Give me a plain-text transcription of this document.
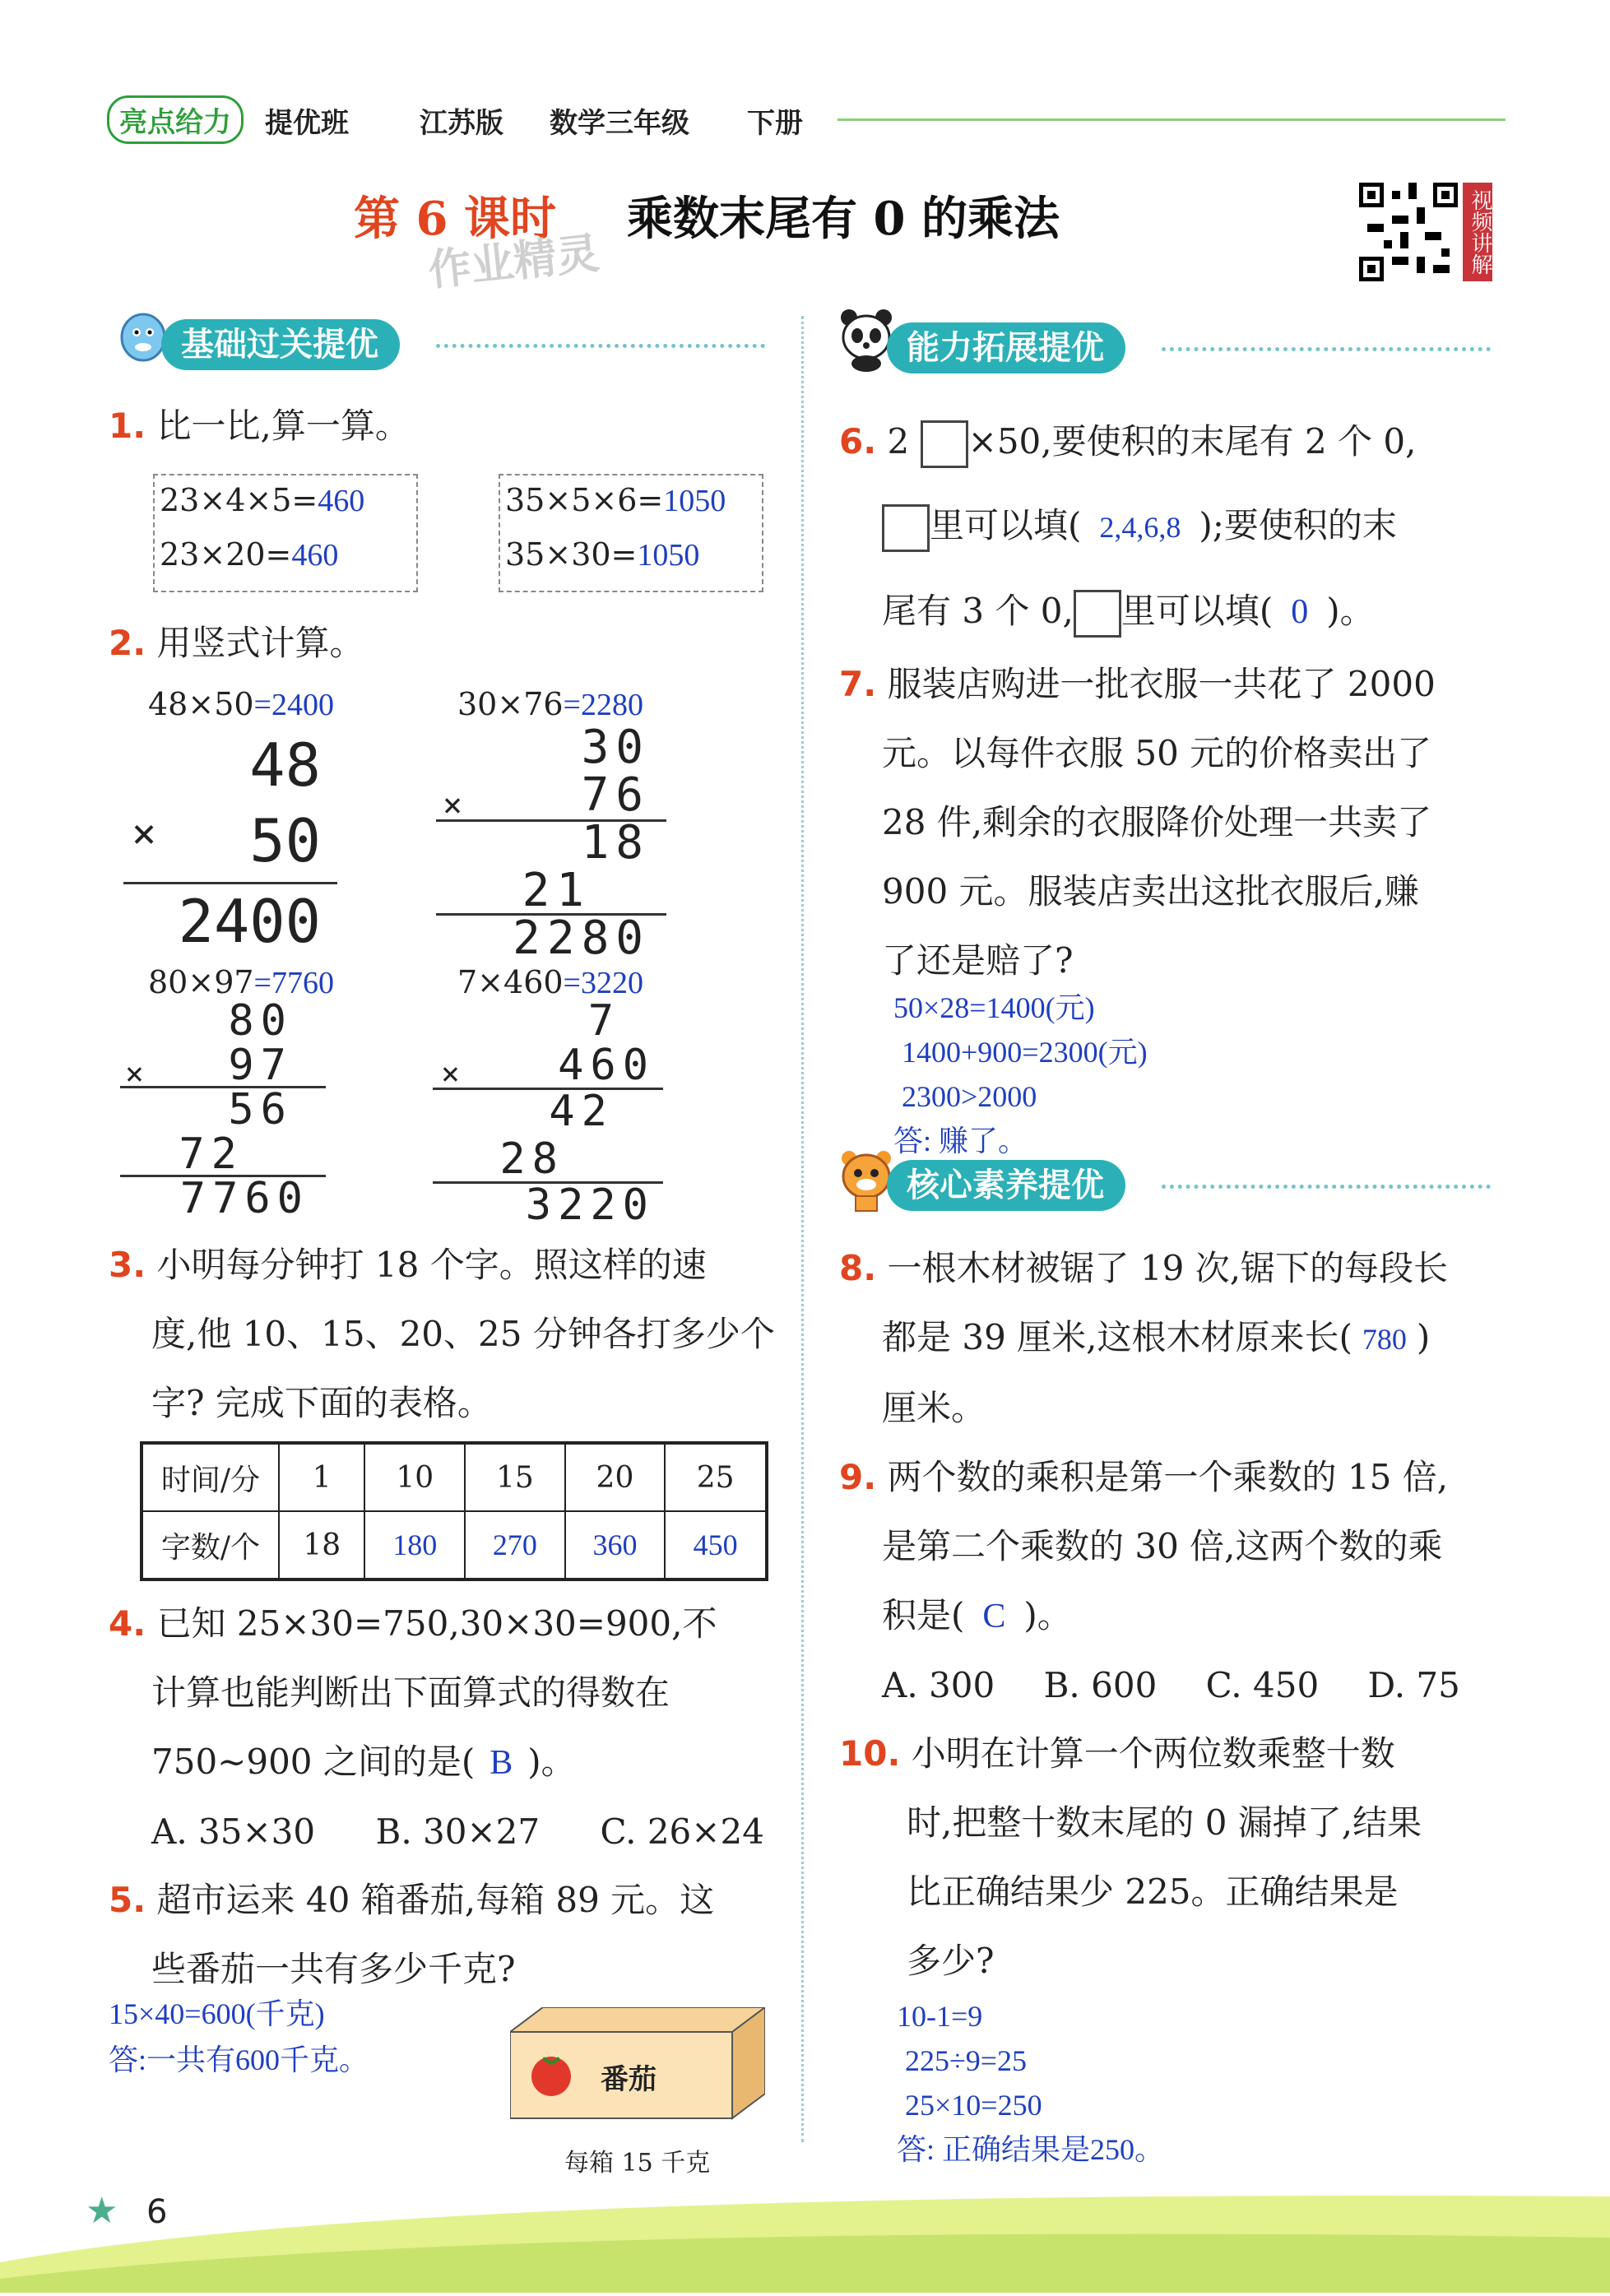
亮点给力	提优班	江苏版 数学三年级 下册
第 6 课时 乘数末尾有 0 的乘法
作业精灵	视频讲解
基础过关提优
1. 比一比,算一算。
23×4×5=460
23×20=460
35×5×6=1050
35×30=1050
2. 用竖式计算。
48×50=2400
48
× 50
2400
30×76=2280
30
×	76
18
21
2280
80×97=7760
80
× 97
56
72
7760
7×460=3220
7
× 460
42
28
3220
3. 小明每分钟打 18 个字。照这样的速
度,他 10、15、20、25 分钟各打多少个
字? 完成下面的表格。
时间/分	1	10	15	20	25
字数/个	18	180	270	360	450
4. 已知 25×30=750,30×30=900,不
计算也能判断出下面算式的得数在
750~900 之间的是( B )。
A. 35×30 B. 30×27 C. 26×24
5. 超市运来 40 箱番茄,每箱 89 元。这
些番茄一共有多少千克?
15×40=600(千克)
答:一共有600千克。
番茄
每箱 15 千克
★ 6
能力拓展提优
6. 2 ×50,要使积的末尾有 2 个 0,
里可以填( 2,4,6,8 );要使积的末
尾有 3 个 0, 里可以填( 0 )。
7. 服装店购进一批衣服一共花了 2000
元。以每件衣服 50 元的价格卖出了
28 件,剩余的衣服降价处理一共卖了
900 元。服装店卖出这批衣服后,赚
了还是赔了?
50×28=1400(元)
1400+900=2300(元)
2300>2000
答: 赚了。
核心素养提优
8. 一根木材被锯了 19 次,锯下的每段长
都是 39 厘米,这根木材原来长( 780 )
厘米。
9. 两个数的乘积是第一个乘数的 15 倍,
是第二个乘数的 30 倍,这两个数的乘
积是( C )。
A. 300 B. 600 C. 450 D. 75
10. 小明在计算一个两位数乘整十数
时,把整十数末尾的 0 漏掉了,结果
比正确结果少 225。正确结果是
多少?
10-1=9
225÷9=25
25×10=250
答: 正确结果是250。
